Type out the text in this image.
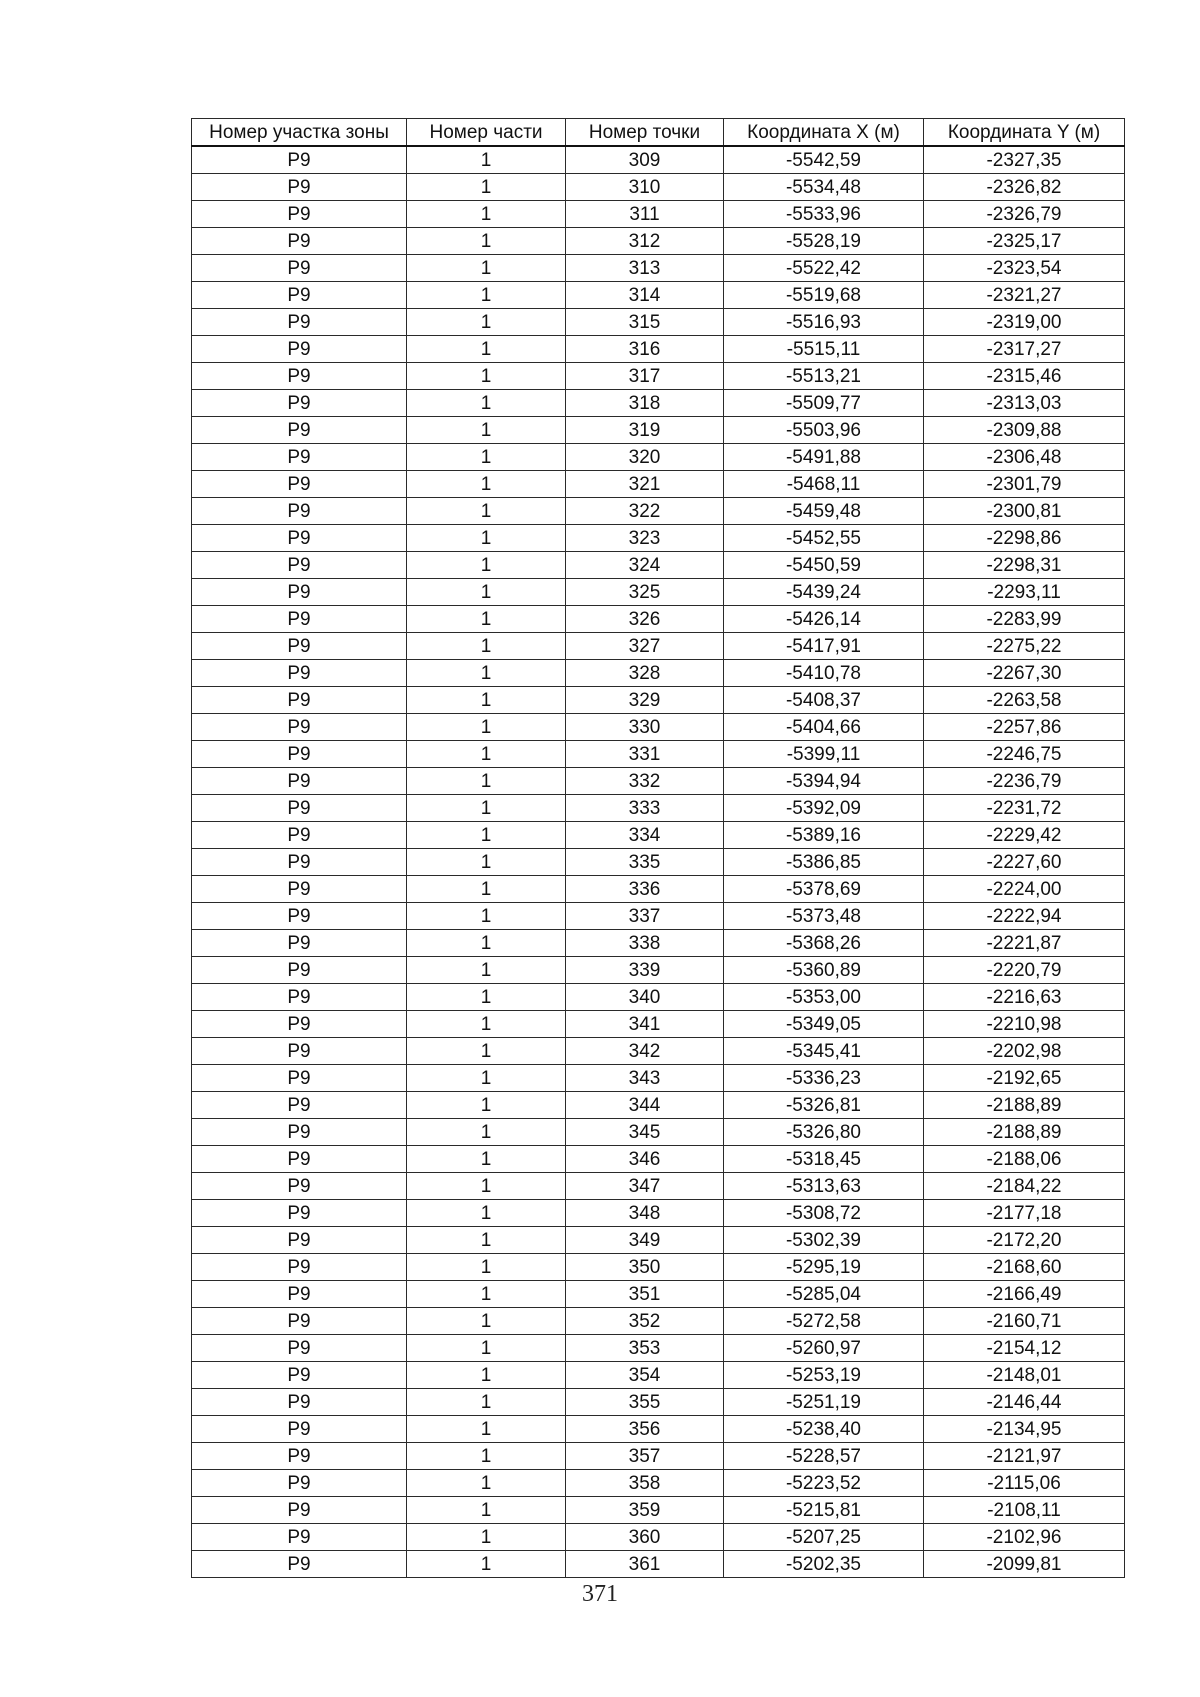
Номер участка зоны	Номер части	Номер точки	Координата X (м)	Координата Y (м)
Р9	1	309	-5542,59	-2327,35
Р9	1	310	-5534,48	-2326,82
Р9	1	311	-5533,96	-2326,79
Р9	1	312	-5528,19	-2325,17
Р9	1	313	-5522,42	-2323,54
Р9	1	314	-5519,68	-2321,27
Р9	1	315	-5516,93	-2319,00
Р9	1	316	-5515,11	-2317,27
Р9	1	317	-5513,21	-2315,46
Р9	1	318	-5509,77	-2313,03
Р9	1	319	-5503,96	-2309,88
Р9	1	320	-5491,88	-2306,48
Р9	1	321	-5468,11	-2301,79
Р9	1	322	-5459,48	-2300,81
Р9	1	323	-5452,55	-2298,86
Р9	1	324	-5450,59	-2298,31
Р9	1	325	-5439,24	-2293,11
Р9	1	326	-5426,14	-2283,99
Р9	1	327	-5417,91	-2275,22
Р9	1	328	-5410,78	-2267,30
Р9	1	329	-5408,37	-2263,58
Р9	1	330	-5404,66	-2257,86
Р9	1	331	-5399,11	-2246,75
Р9	1	332	-5394,94	-2236,79
Р9	1	333	-5392,09	-2231,72
Р9	1	334	-5389,16	-2229,42
Р9	1	335	-5386,85	-2227,60
Р9	1	336	-5378,69	-2224,00
Р9	1	337	-5373,48	-2222,94
Р9	1	338	-5368,26	-2221,87
Р9	1	339	-5360,89	-2220,79
Р9	1	340	-5353,00	-2216,63
Р9	1	341	-5349,05	-2210,98
Р9	1	342	-5345,41	-2202,98
Р9	1	343	-5336,23	-2192,65
Р9	1	344	-5326,81	-2188,89
Р9	1	345	-5326,80	-2188,89
Р9	1	346	-5318,45	-2188,06
Р9	1	347	-5313,63	-2184,22
Р9	1	348	-5308,72	-2177,18
Р9	1	349	-5302,39	-2172,20
Р9	1	350	-5295,19	-2168,60
Р9	1	351	-5285,04	-2166,49
Р9	1	352	-5272,58	-2160,71
Р9	1	353	-5260,97	-2154,12
Р9	1	354	-5253,19	-2148,01
Р9	1	355	-5251,19	-2146,44
Р9	1	356	-5238,40	-2134,95
Р9	1	357	-5228,57	-2121,97
Р9	1	358	-5223,52	-2115,06
Р9	1	359	-5215,81	-2108,11
Р9	1	360	-5207,25	-2102,96
Р9	1	361	-5202,35	-2099,81
371
